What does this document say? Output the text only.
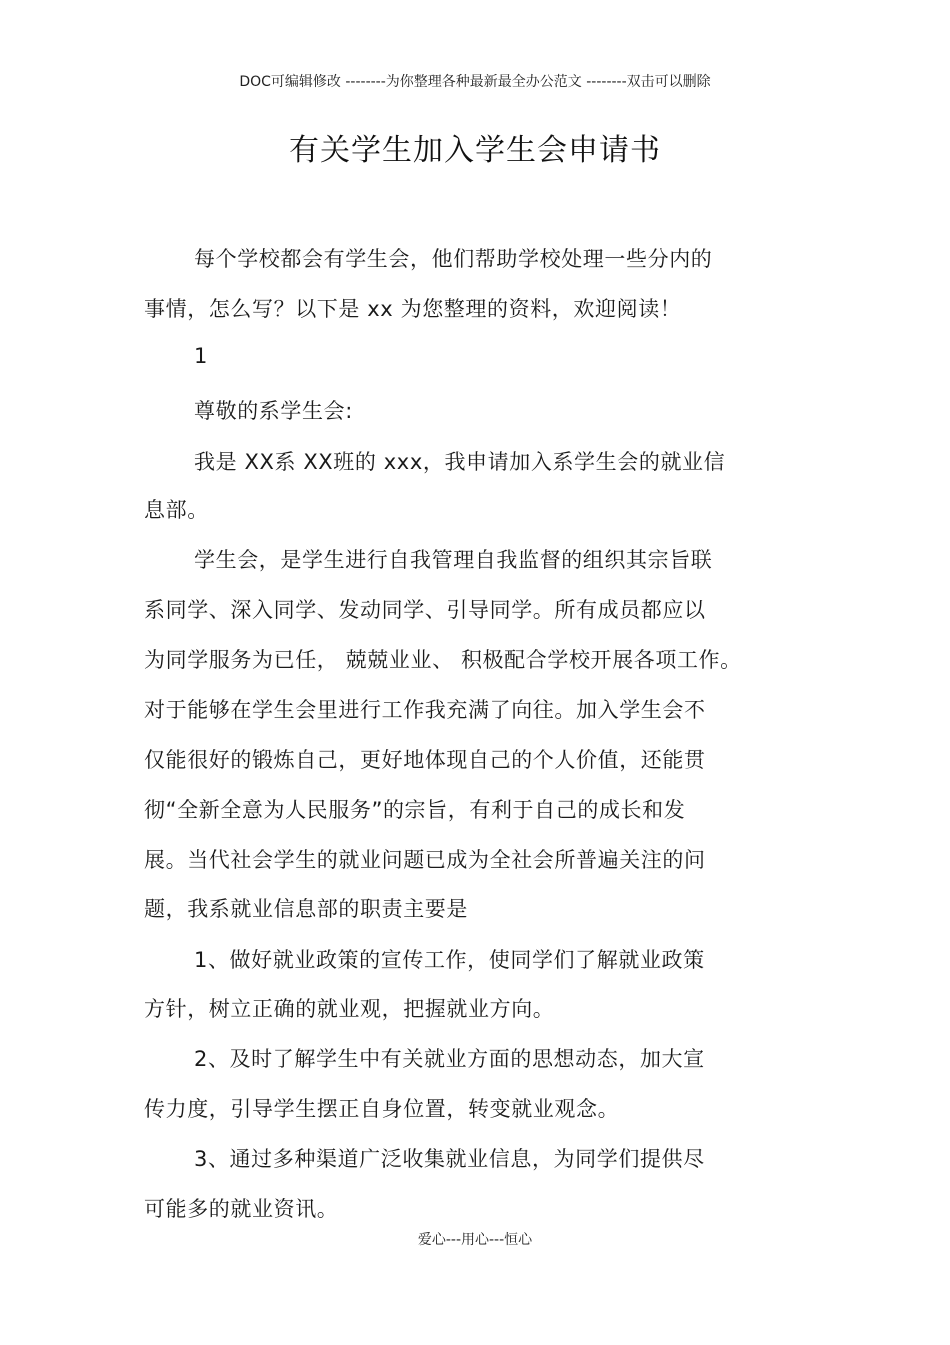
DOC可编辑修改 --------为你整理各种最新最全办公范文 --------双击可以删除
有关学生加入学生会申请书
每个学校都会有学生会，他们帮助学校处理一些分内的
事情，怎么写？以下是 xx 为您整理的资料，欢迎阅读！
1
尊敬的系学生会:
我是 XX系 XX班的 xxx，我申请加入系学生会的就业信
息部。
学生会，是学生进行自我管理自我监督的组织其宗旨联
系同学、深入同学、发动同学、引导同学。所有成员都应以
为同学服务为已任， 兢兢业业、 积极配合学校开展各项工作。
对于能够在学生会里进行工作我充满了向往。加入学生会不
仅能很好的锻炼自己，更好地体现自己的个人价值，还能贯
彻“全新全意为人民服务”的宗旨，有利于自己的成长和发
展。当代社会学生的就业问题已成为全社会所普遍关注的问
题，我系就业信息部的职责主要是
1、做好就业政策的宣传工作，使同学们了解就业政策
方针，树立正确的就业观，把握就业方向。
2、及时了解学生中有关就业方面的思想动态，加大宣
传力度，引导学生摆正自身位置，转变就业观念。
3、通过多种渠道广泛收集就业信息，为同学们提供尽
可能多的就业资讯。
爱心---用心---恒心
